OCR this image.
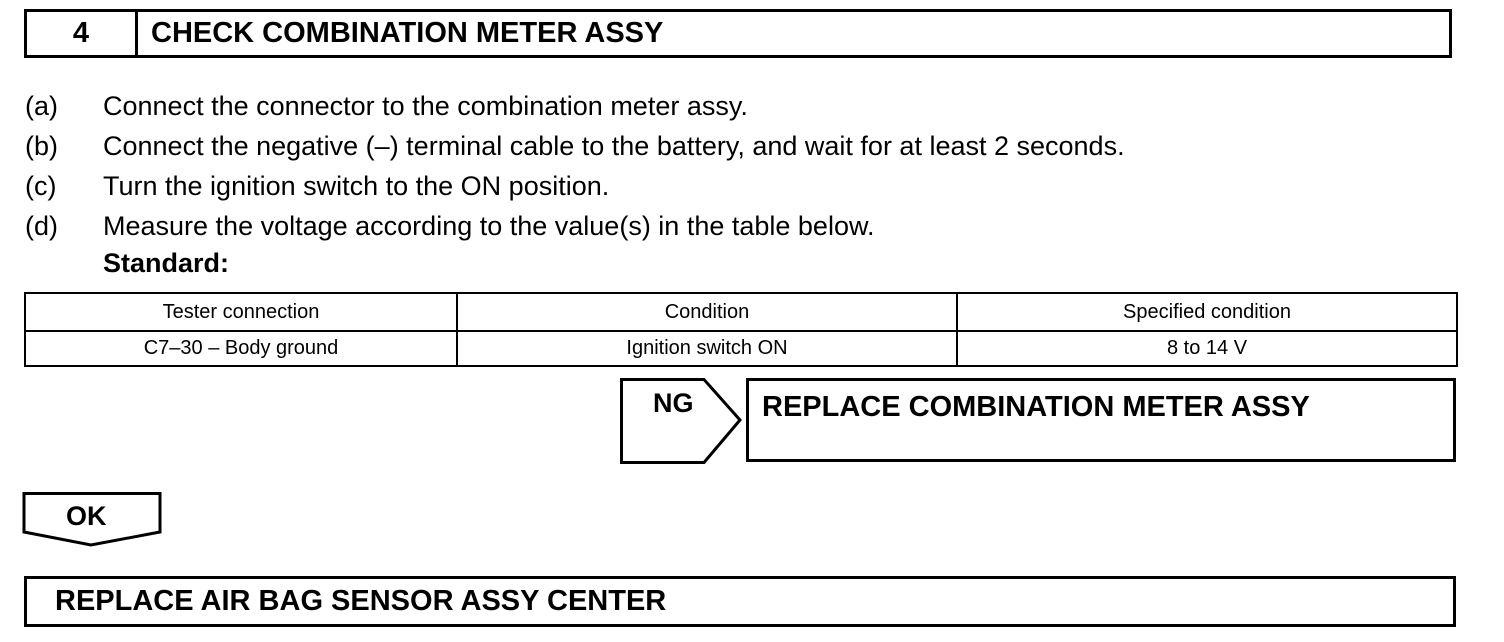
4	CHECK COMBINATION METER ASSY
(a)	Connect the connector to the combination meter assy.
(b)	Connect the negative (–) terminal cable to the battery, and wait for at least 2 seconds.
(c)	Turn the ignition switch to the ON position.
(d)	Measure the voltage according to the value(s) in the table below.
Standard:
Tester connection	Condition	Specified condition
C7–30 – Body ground	Ignition switch ON	8 to 14 V
NG	REPLACE COMBINATION METER ASSY
OK
REPLACE AIR BAG SENSOR ASSY CENTER
